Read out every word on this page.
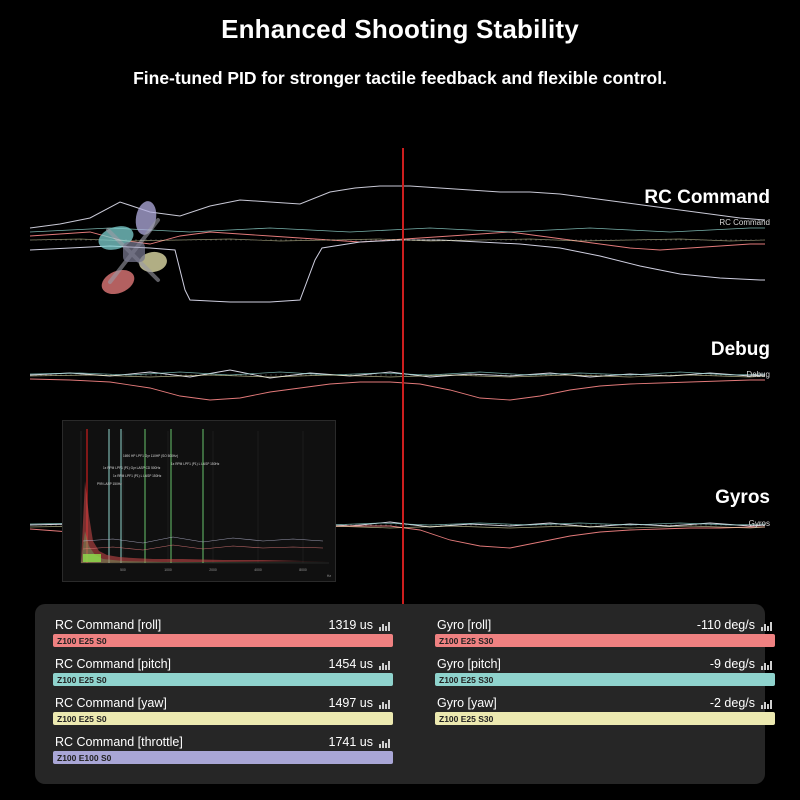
Enhanced Shooting Stability
Fine-tuned PID for stronger tactile feedback and flexible control.
1690 HP LPF1 Gyr 110HP (SO 500Hz)
1x RPM LPF1 (P1) Gyr LASP CD 500Hz
1x RPM LPF1 (P1) L LASP 150Hz
P99 LASP 150Hz
1x RPM LPF1 (P1) L LASP 150Hz
500	1000	2000	4000	8000
Hz
RC Command
RC Command
Debug
Debug
Gyros
Gyros
RC Command [roll]	1319 us
Z100 E25 S0
RC Command [pitch]	1454 us
Z100 E25 S0
RC Command [yaw]	1497 us
Z100 E25 S0
RC Command [throttle]	1741 us
Z100 E100 S0
Gyro [roll]	-110 deg/s
Z100 E25 S30
Gyro [pitch]	-9 deg/s
Z100 E25 S30
Gyro [yaw]	-2 deg/s
Z100 E25 S30
